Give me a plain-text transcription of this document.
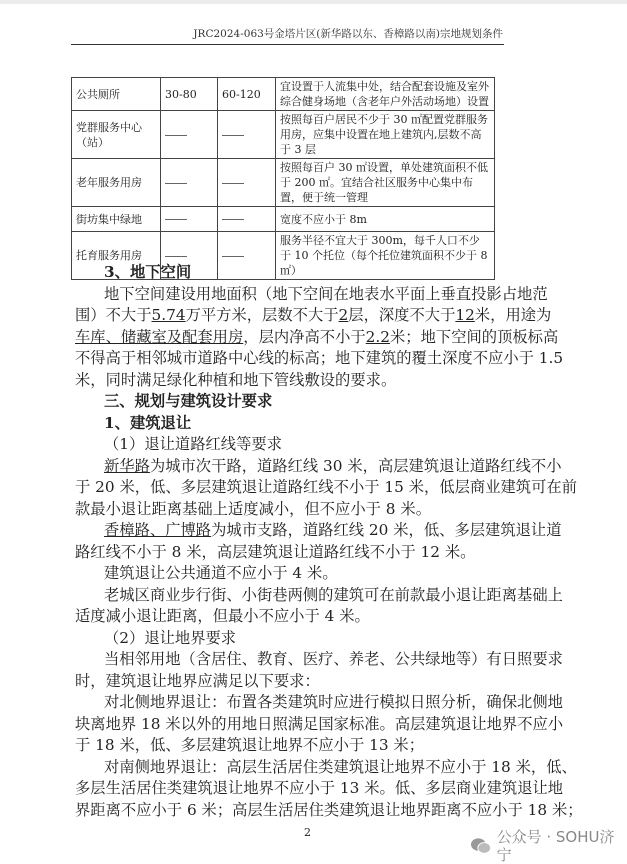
JRC2024-063号金塔片区(新华路以东、香樟路以南)宗地规划条件
公共厕所	30-80	60-120	宜设置于人流集中处，结合配套设施及室外综合健身场地（含老年户外活动场地）设置
党群服务中心（站）			按照每百户居民不少于 30 ㎡配置党群服务用房，应集中设置在地上建筑内,层数不高于 3 层
老年服务用房			按照每百户 30 ㎡设置，单处建筑面积不低于 200 ㎡。宜结合社区服务中心集中布置，便于统一管理
街坊集中绿地			宽度不应小于 8m
托育服务用房			服务半径不宜大于 300m，每千人口不少于 10 个托位（每个托位建筑面积不少于 8 ㎡）
3、地下空间
地下空间建设用地面积（地下空间在地表水平面上垂直投影占地范
围）不大于5.74万平方米，层数不大于2层，深度不大于12米，用途为
车库、储藏室及配套用房，层内净高不小于2.2米；地下空间的顶板标高
不得高于相邻城市道路中心线的标高；地下建筑的覆土深度不应小于 1.5
米，同时满足绿化种植和地下管线敷设的要求。
三、规划与建筑设计要求
1、建筑退让
（1）退让道路红线等要求
新华路为城市次干路，道路红线 30 米，高层建筑退让道路红线不小
于 20 米，低、多层建筑退让道路红线不小于 15 米，低层商业建筑可在前
款最小退让距离基础上适度减小，但不应小于 8 米。
香樟路、广博路为城市支路，道路红线 20 米，低、多层建筑退让道
路红线不小于 8 米，高层建筑退让道路红线不小于 12 米。
建筑退让公共通道不应小于 4 米。
老城区商业步行街、小街巷两侧的建筑可在前款最小退让距离基础上
适度减小退让距离，但最小不应小于 4 米。
（2）退让地界要求
当相邻用地（含居住、教育、医疗、养老、公共绿地等）有日照要求
时，建筑退让地界应满足以下要求：
对北侧地界退让：布置各类建筑时应进行模拟日照分析，确保北侧地
块离地界 18 米以外的用地日照满足国家标准。高层建筑退让地界不应小
于 18 米，低、多层建筑退让地界不应小于 13 米；
对南侧地界退让：高层生活居住类建筑退让地界不应小于 18 米，低、
多层生活居住类建筑退让地界不应小于 13 米。低、多层商业建筑退让地
界距离不应小于 6 米；高层生活居住类建筑退让地界距离不应小于 18 米；
2	公众号 · SOHU济宁
